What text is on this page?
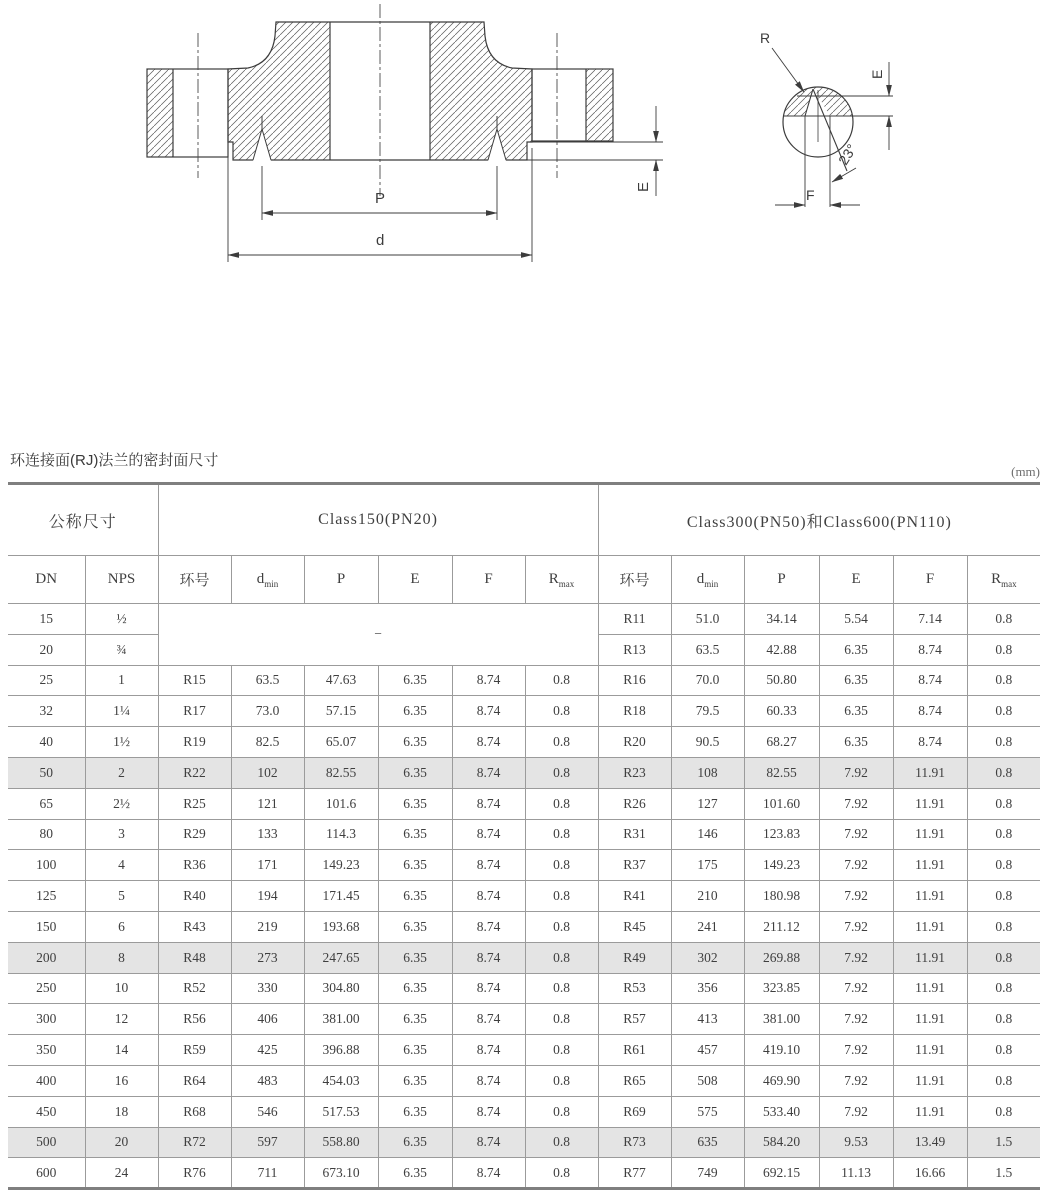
P
d
E
R
E
23°
F
环连接面(RJ)法兰的密封面尺寸
(mm)
公称尺寸		Class150(PN20)						Class300(PN50)和Class600(PN110)					
DN	NPS	环号	$d_{min}$	P	E	F	$R_{max}$	环号	$d_{min}$	P	E	F	$R_{max}$
15	½	−						R11	51.0	34.14	5.54	7.14	0.8
20	¾							R13	63.5	42.88	6.35	8.74	0.8
25	1	R15	63.5	47.63	6.35	8.74	0.8	R16	70.0	50.80	6.35	8.74	0.8
32	1¼	R17	73.0	57.15	6.35	8.74	0.8	R18	79.5	60.33	6.35	8.74	0.8
40	1½	R19	82.5	65.07	6.35	8.74	0.8	R20	90.5	68.27	6.35	8.74	0.8
50	2	R22	102	82.55	6.35	8.74	0.8	R23	108	82.55	7.92	11.91	0.8
65	2½	R25	121	101.6	6.35	8.74	0.8	R26	127	101.60	7.92	11.91	0.8
80	3	R29	133	114.3	6.35	8.74	0.8	R31	146	123.83	7.92	11.91	0.8
100	4	R36	171	149.23	6.35	8.74	0.8	R37	175	149.23	7.92	11.91	0.8
125	5	R40	194	171.45	6.35	8.74	0.8	R41	210	180.98	7.92	11.91	0.8
150	6	R43	219	193.68	6.35	8.74	0.8	R45	241	211.12	7.92	11.91	0.8
200	8	R48	273	247.65	6.35	8.74	0.8	R49	302	269.88	7.92	11.91	0.8
250	10	R52	330	304.80	6.35	8.74	0.8	R53	356	323.85	7.92	11.91	0.8
300	12	R56	406	381.00	6.35	8.74	0.8	R57	413	381.00	7.92	11.91	0.8
350	14	R59	425	396.88	6.35	8.74	0.8	R61	457	419.10	7.92	11.91	0.8
400	16	R64	483	454.03	6.35	8.74	0.8	R65	508	469.90	7.92	11.91	0.8
450	18	R68	546	517.53	6.35	8.74	0.8	R69	575	533.40	7.92	11.91	0.8
500	20	R72	597	558.80	6.35	8.74	0.8	R73	635	584.20	9.53	13.49	1.5
600	24	R76	711	673.10	6.35	8.74	0.8	R77	749	692.15	11.13	16.66	1.5
